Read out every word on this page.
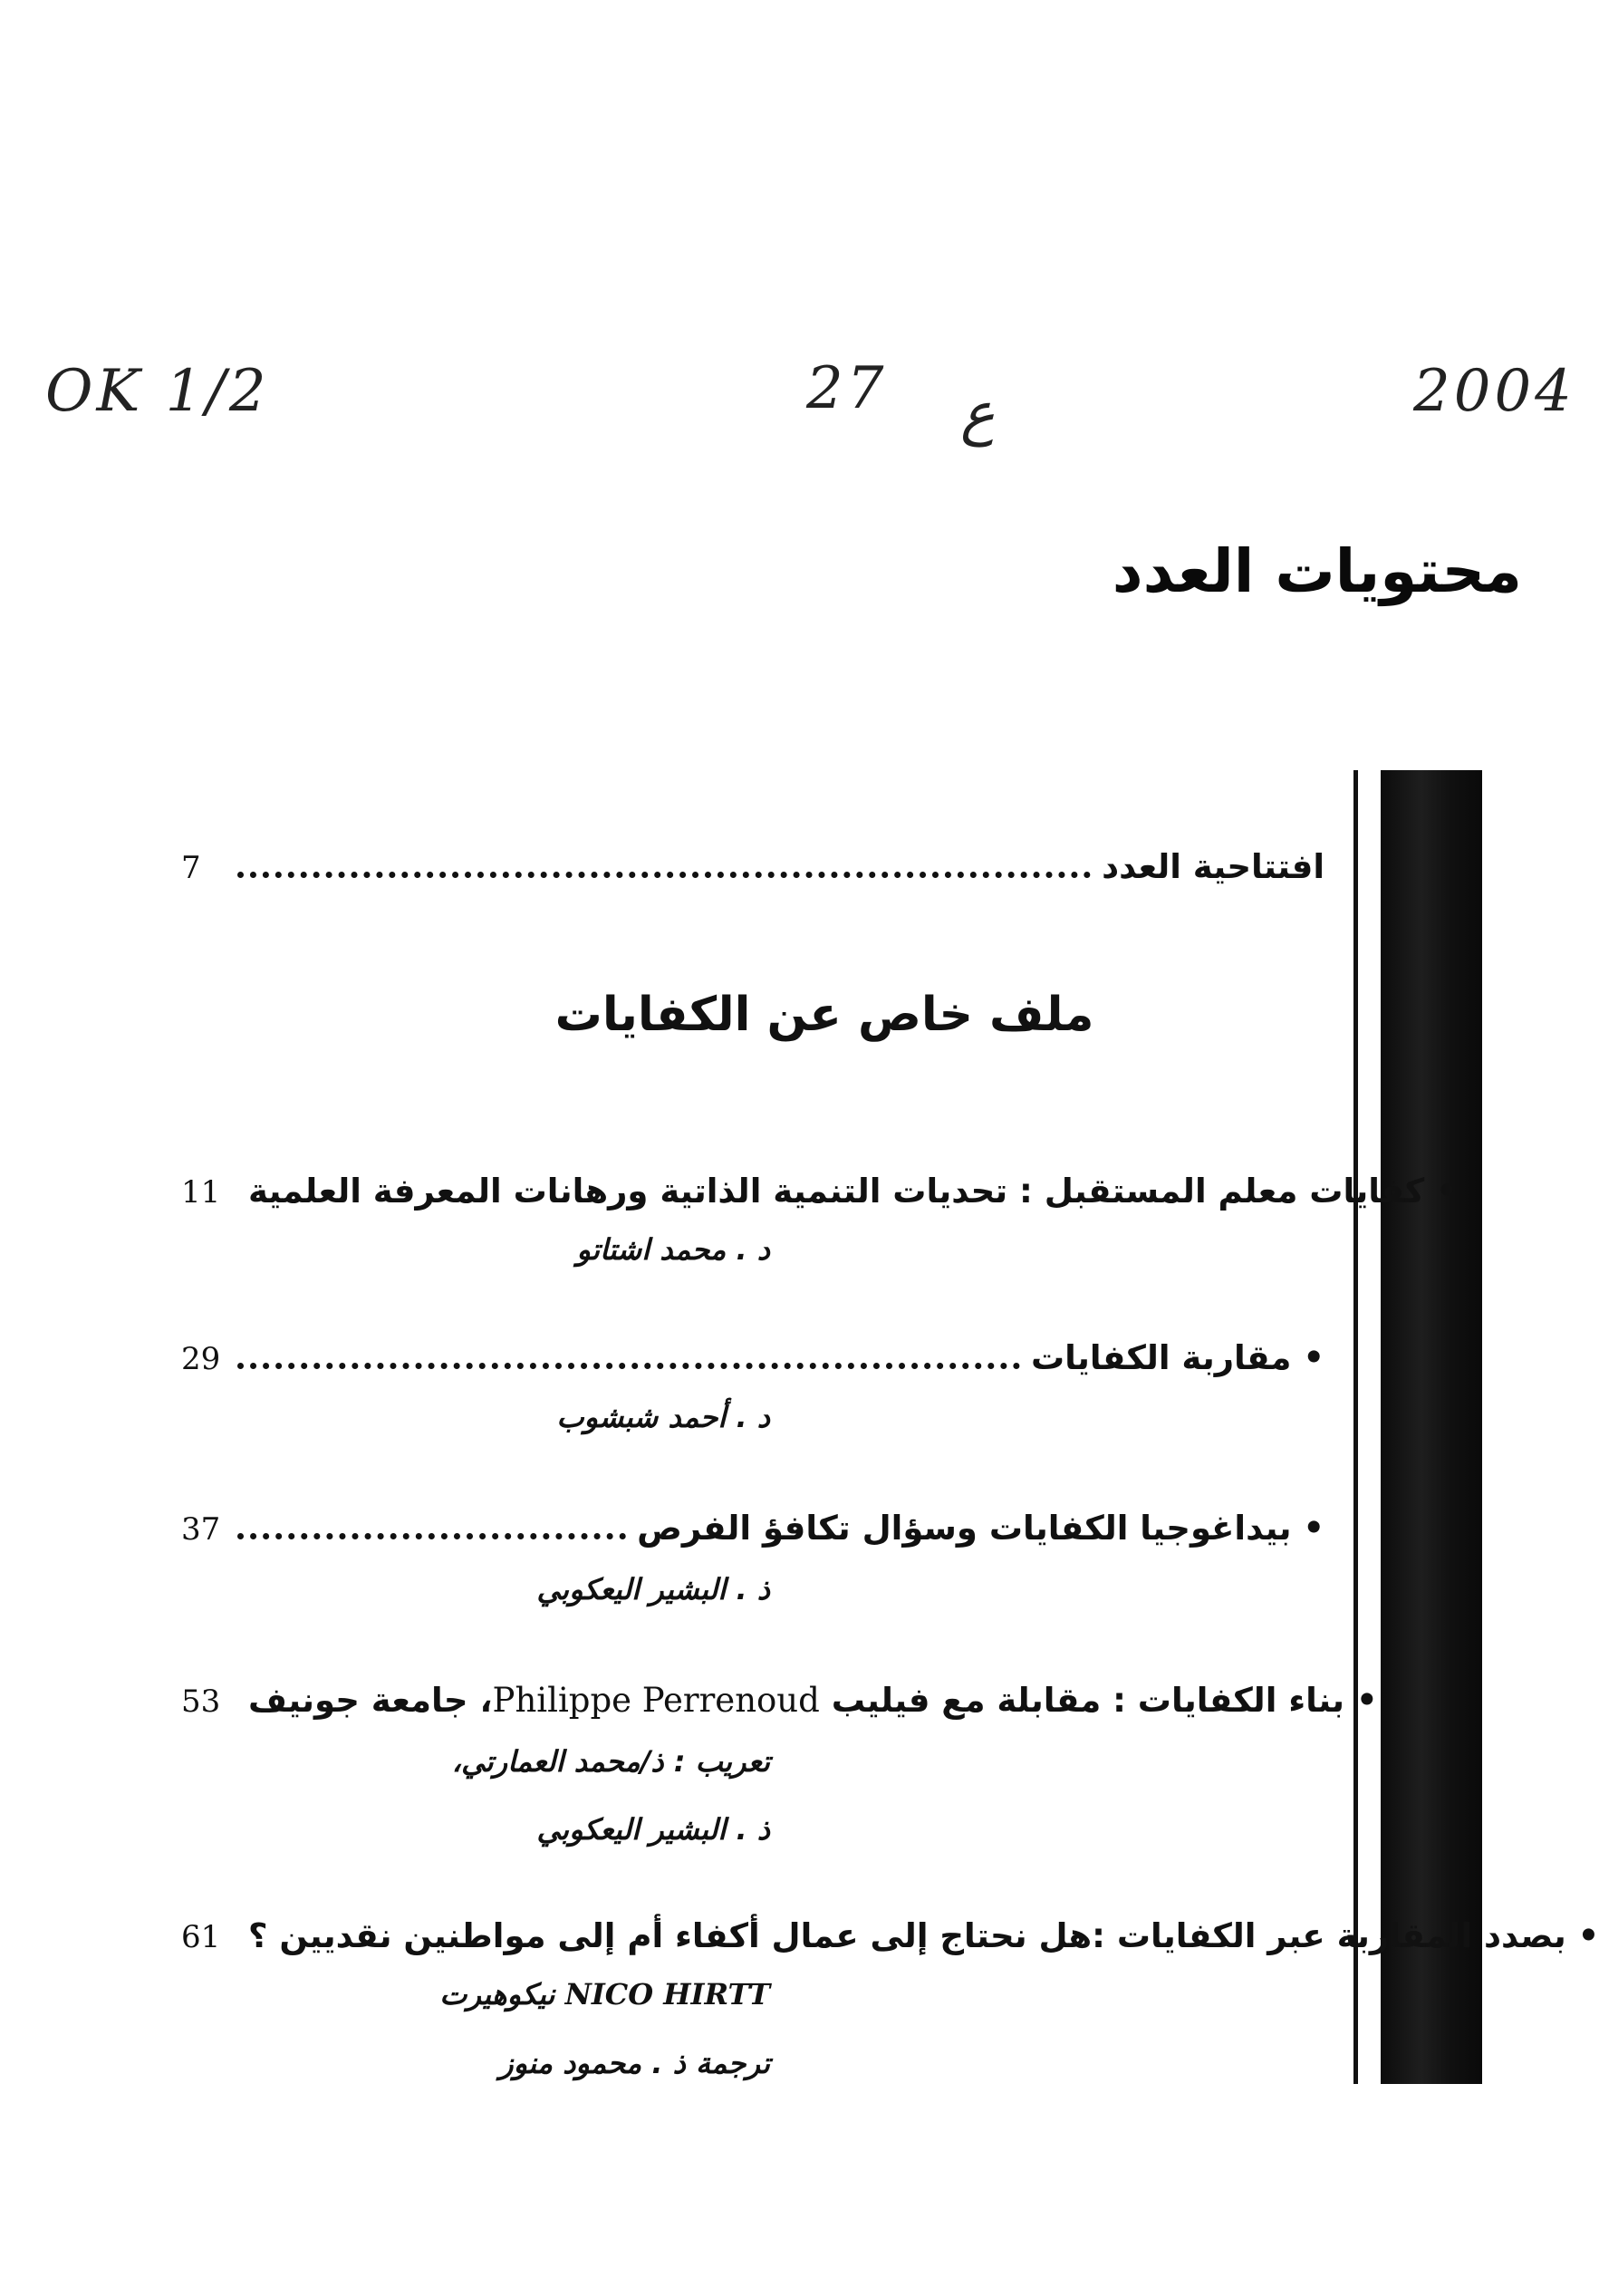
OK 1/2	27 ع	2004
محتويات العدد
7	افتتاحية العدد
ملف خاص عن الكفايات
11 • كفايات معلم المستقبل : تحديات التنمية الذاتية ورهانات المعرفة العلمية
د . محمد اشتاتو
29	• مقاربة الكفايات
د . أحمد شبشوب
37	• بيداغوجيا الكفايات وسؤال تكافؤ الفرص
ذ . البشير اليعكوبي
53	• بناء الكفايات : مقابلة مع فيليب Philippe Perrenoud، جامعة جونيف
تعريب : ذ/محمد العمارتي،
ذ . البشير اليعكوبي
61 • بصدد المقاربة عبر الكفايات :هل نحتاج إلى عمال أكفاء أم إلى مواطنين نقديين ؟
NICO HIRTT نيكوهيرت
ترجمة ذ . محمود منوز
